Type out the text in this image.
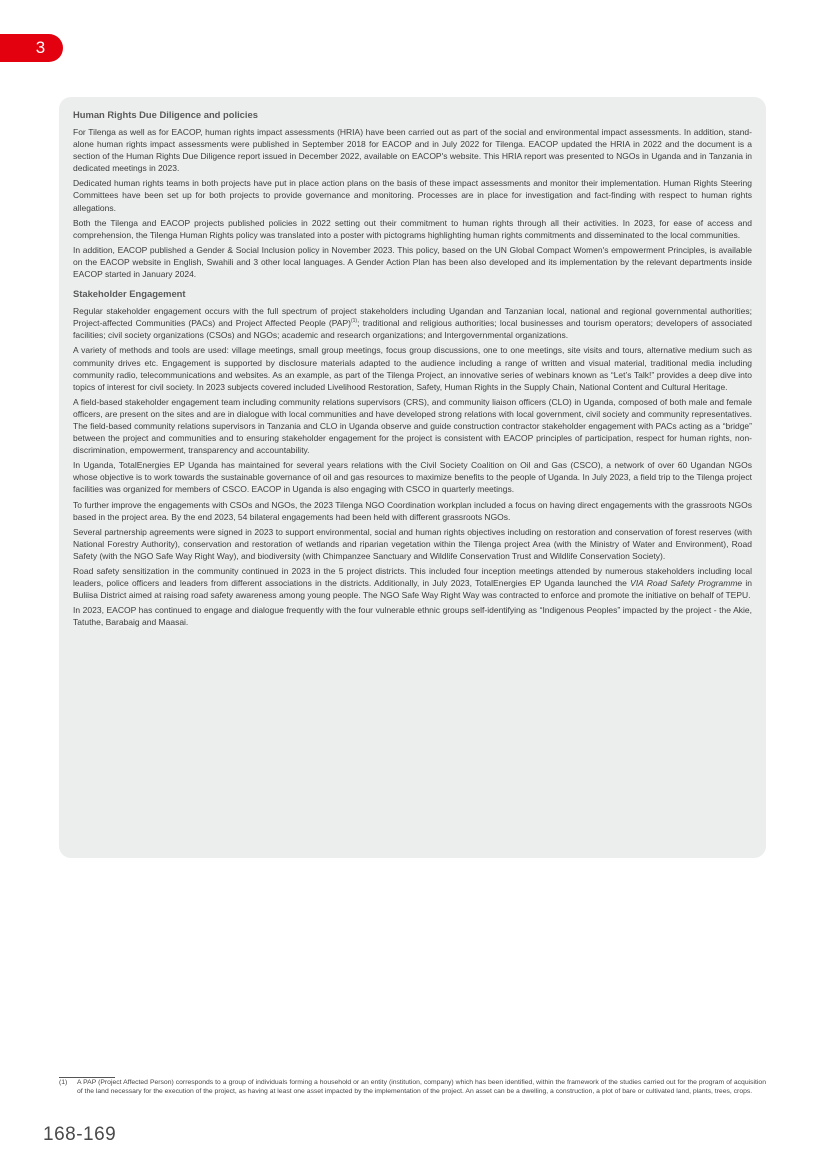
3
Human Rights Due Diligence and policies

For Tilenga as well as for EACOP, human rights impact assessments (HRIA) have been carried out as part of the social and environmental impact assessments. In addition, stand-alone human rights impact assessments were published in September 2018 for EACOP and in July 2022 for Tilenga. EACOP updated the HRIA in 2022 and the document is a section of the Human Rights Due Diligence report issued in December 2022, available on EACOP's website. This HRIA report was presented to NGOs in Uganda and in Tanzania in dedicated meetings in 2023.

Dedicated human rights teams in both projects have put in place action plans on the basis of these impact assessments and monitor their implementation. Human Rights Steering Committees have been set up for both projects to provide governance and monitoring. Processes are in place for investigation and fact-finding with respect to human rights allegations.

Both the Tilenga and EACOP projects published policies in 2022 setting out their commitment to human rights through all their activities. In 2023, for ease of access and comprehension, the Tilenga Human Rights policy was translated into a poster with pictograms highlighting human rights commitments and disseminated to the local communities.

In addition, EACOP published a Gender & Social Inclusion policy in November 2023. This policy, based on the UN Global Compact Women's empowerment Principles, is available on the EACOP website in English, Swahili and 3 other local languages. A Gender Action Plan has been also developed and its implementation by the relevant departments inside EACOP started in January 2024.

Stakeholder Engagement

Regular stakeholder engagement occurs with the full spectrum of project stakeholders including Ugandan and Tanzanian local, national and regional governmental authorities; Project-affected Communities (PACs) and Project Affected People (PAP)$^{(1)}$; traditional and religious authorities; local businesses and tourism operators; developers of associated facilities; civil society organizations (CSOs) and NGOs; academic and research organizations; and Intergovernmental organizations.

A variety of methods and tools are used: village meetings, small group meetings, focus group discussions, one to one meetings, site visits and tours, alternative medium such as community drives etc. Engagement is supported by disclosure materials adapted to the audience including a range of written and visual material, traditional media including community radio, telecommunications and websites. As an example, as part of the Tilenga Project, an innovative series of webinars known as “Let’s Talk!” provides a deep dive into topics of interest for civil society. In 2023 subjects covered included Livelihood Restoration, Safety, Human Rights in the Supply Chain, National Content and Cultural Heritage.

A field-based stakeholder engagement team including community relations supervisors (CRS), and community liaison officers (CLO) in Uganda, composed of both male and female officers, are present on the sites and are in dialogue with local communities and have developed strong relations with local government, civil society and community representatives. The field-based community relations supervisors in Tanzania and CLO in Uganda observe and guide construction contractor stakeholder engagement with PACs acting as a “bridge” between the project and communities and to ensuring stakeholder engagement for the project is consistent with EACOP principles of participation, respect for human rights, non-discrimination, empowerment, transparency and accountability.

In Uganda, TotalEnergies EP Uganda has maintained for several years relations with the Civil Society Coalition on Oil and Gas (CSCO), a network of over 60 Ugandan NGOs whose objective is to work towards the sustainable governance of oil and gas resources to maximize benefits to the people of Uganda. In July 2023, a field trip to the Tilenga project facilities was organized for members of CSCO. EACOP in Uganda is also engaging with CSCO in quarterly meetings.

To further improve the engagements with CSOs and NGOs, the 2023 Tilenga NGO Coordination workplan included a focus on having direct engagements with the grassroots NGOs based in the project area. By the end 2023, 54 bilateral engagements had been held with different grassroots NGOs.

Several partnership agreements were signed in 2023 to support environmental, social and human rights objectives including on restoration and conservation of forest reserves (with National Forestry Authority), conservation and restoration of wetlands and riparian vegetation within the Tilenga project Area (with the Ministry of Water and Environment), Road Safety (with the NGO Safe Way Right Way), and biodiversity (with Chimpanzee Sanctuary and Wildlife Conservation Trust and Wildlife Conservation Society).

Road safety sensitization in the community continued in 2023 in the 5 project districts. This included four inception meetings attended by numerous stakeholders including local leaders, police officers and leaders from different associations in the districts. Additionally, in July 2023, TotalEnergies EP Uganda launched the VIA Road Safety Programme in Buliisa District aimed at raising road safety awareness among young people. The NGO Safe Way Right Way was contracted to enforce and promote the initiative on behalf of TEPU.

In 2023, EACOP has continued to engage and dialogue frequently with the four vulnerable ethnic groups self-identifying as “Indigenous Peoples” impacted by the project - the Akie, Tatuthe, Barabaig and Maasai.

(1)	A PAP (Project Affected Person) corresponds to a group of individuals forming a household or an entity (institution, company) which has been identified, within the framework of the studies carried out for the program of acquisition of the land necessary for the execution of the project, as having at least one asset impacted by the implementation of the project. An asset can be a dwelling, a construction, a plot of bare or cultivated land, plants, trees, crops.
168-169
